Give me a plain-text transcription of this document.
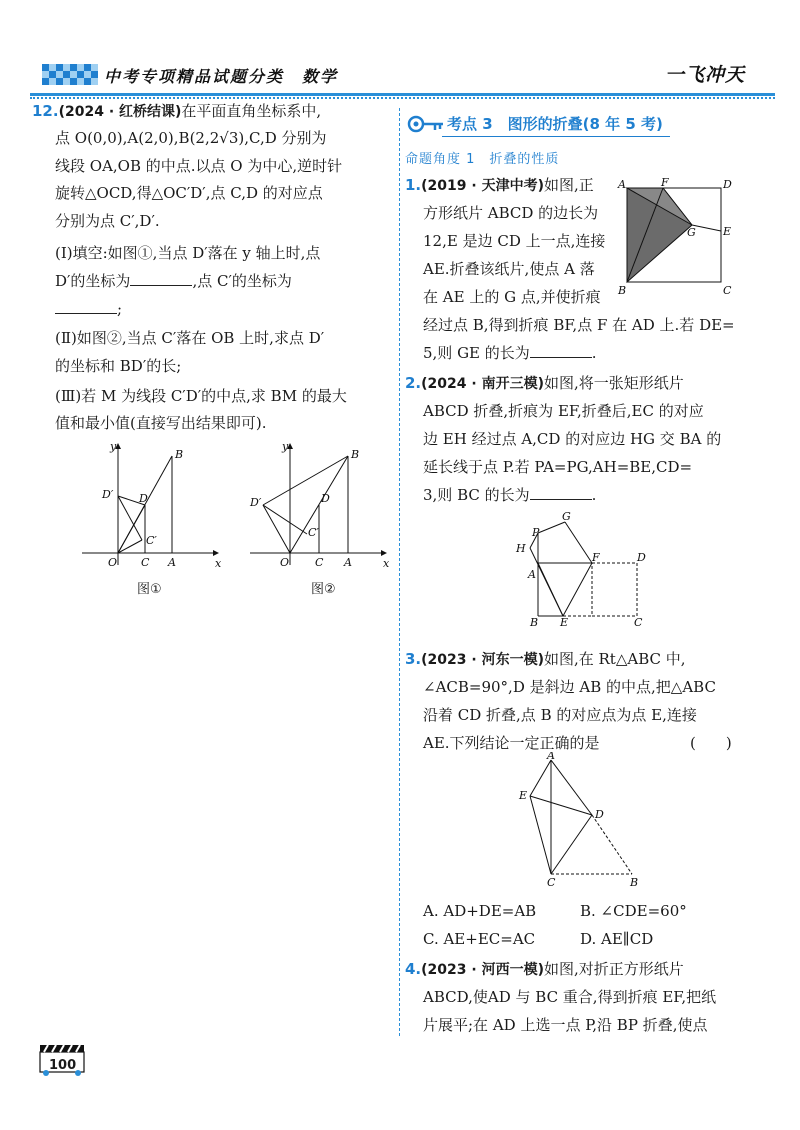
中考专项精品试题分类　数学	一飞冲天
12.(2024 · 红桥结课)在平面直角坐标系中,
点 O(0,0),A(2,0),B(2,2√3),C,D 分别为
线段 OA,OB 的中点.以点 O 为中心,逆时针
旋转△OCD,得△OC′D′,点 C,D 的对应点
分别为点 C′,D′.
(Ⅰ)填空:如图①,当点 D′落在 y 轴上时,点
D′的坐标为	,点 C′的坐标为
;
(Ⅱ)如图②,当点 C′落在 OB 上时,求点 D′
的坐标和 BD′的长;
(Ⅲ)若 M 为线段 C′D′的中点,求 BM 的最大
值和最小值(直接写出结果即可).
y
x
O C A
B
D
D′
C′
图①
y
x
O C A
B
D
D′
C′
图②
考点 3　图形的折叠(8 年 5 考)
命题角度 1　折叠的性质
1.(2019 · 天津中考)如图,正
方形纸片 ABCD 的边长为
12,E 是边 CD 上一点,连接
AE.折叠该纸片,使点 A 落
在 AE 上的 G 点,并使折痕
经过点 B,得到折痕 BF,点 F 在 AD 上.若 DE=
5,则 GE 的长为	.
A	F	D
G E
B	C
2.(2024 · 南开三模)如图,将一张矩形纸片
ABCD 折叠,折痕为 EF,折叠后,EC 的对应
边 EH 经过点 A,CD 的对应边 HG 交 BA 的
延长线于点 P.若 PA=PG,AH=BE,CD=
3,则 BC 的长为	.
G
P
H
A
F	D
B E	C
3.(2023 · 河东一模)如图,在 Rt△ABC 中,
∠ACB=90°,D 是斜边 AB 的中点,把△ABC
沿着 CD 折叠,点 B 的对应点为点 E,连接
AE.下列结论一定正确的是	(　　)
A
E
D
C	B
A. AD+DE=AB	B. ∠CDE=60°
C. AE+EC=AC	D. AE∥CD
4.(2023 · 河西一模)如图,对折正方形纸片
ABCD,使AD 与 BC 重合,得到折痕 EF,把纸
片展平;在 AD 上选一点 P,沿 BP 折叠,使点
100
